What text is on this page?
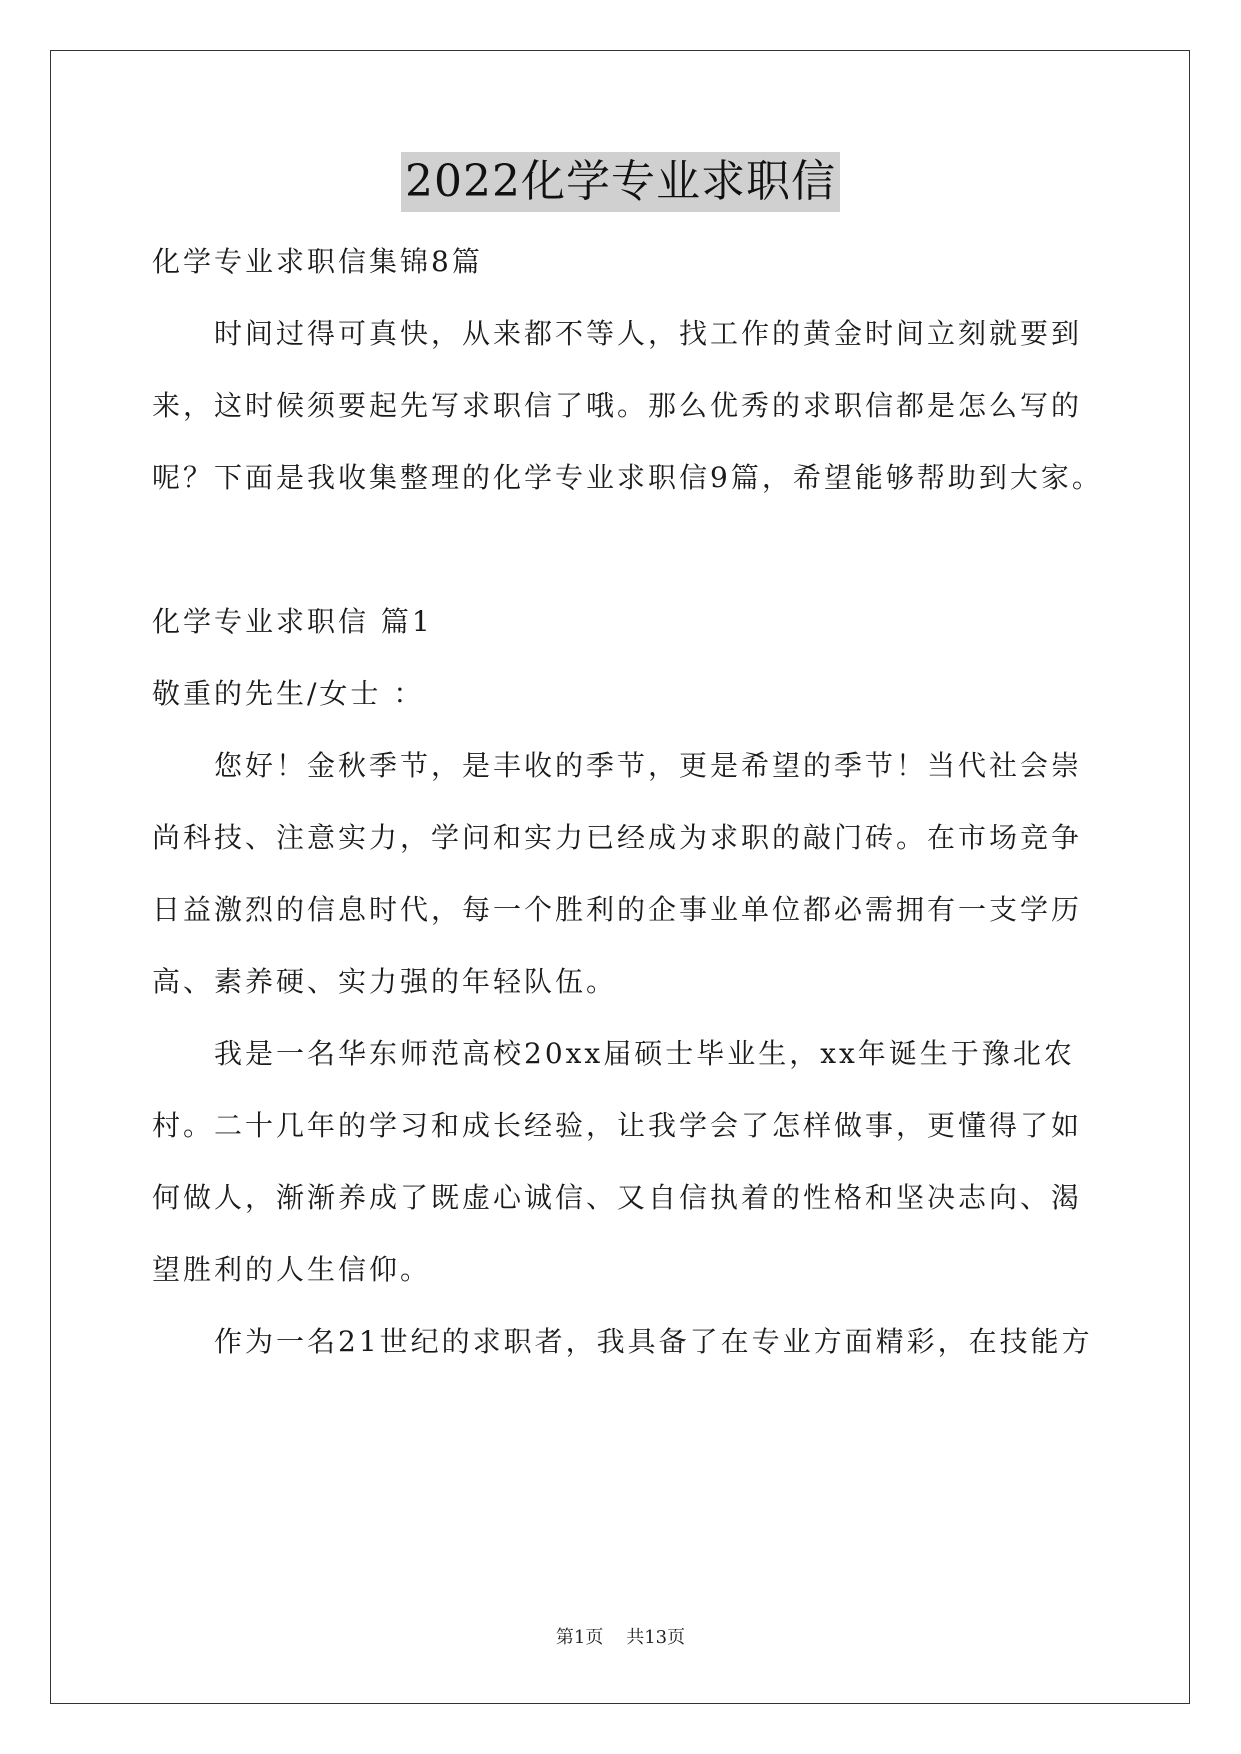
2022化学专业求职信
化学专业求职信集锦8篇
时间过得可真快，从来都不等人，找工作的黄金时间立刻就要到
来，这时候须要起先写求职信了哦。那么优秀的求职信都是怎么写的
呢？下面是我收集整理的化学专业求职信9篇，希望能够帮助到大家。
化学专业求职信 篇1
敬重的先生/女士 ：
您好！金秋季节，是丰收的季节，更是希望的季节！当代社会崇
尚科技、注意实力，学问和实力已经成为求职的敲门砖。在市场竞争
日益激烈的信息时代，每一个胜利的企事业单位都必需拥有一支学历
高、素养硬、实力强的年轻队伍。
我是一名华东师范高校20xx届硕士毕业生，xx年诞生于豫北农
村。二十几年的学习和成长经验，让我学会了怎样做事，更懂得了如
何做人，渐渐养成了既虚心诚信、又自信执着的性格和坚决志向、渴
望胜利的人生信仰。
作为一名21世纪的求职者，我具备了在专业方面精彩，在技能方
第1页    共13页
